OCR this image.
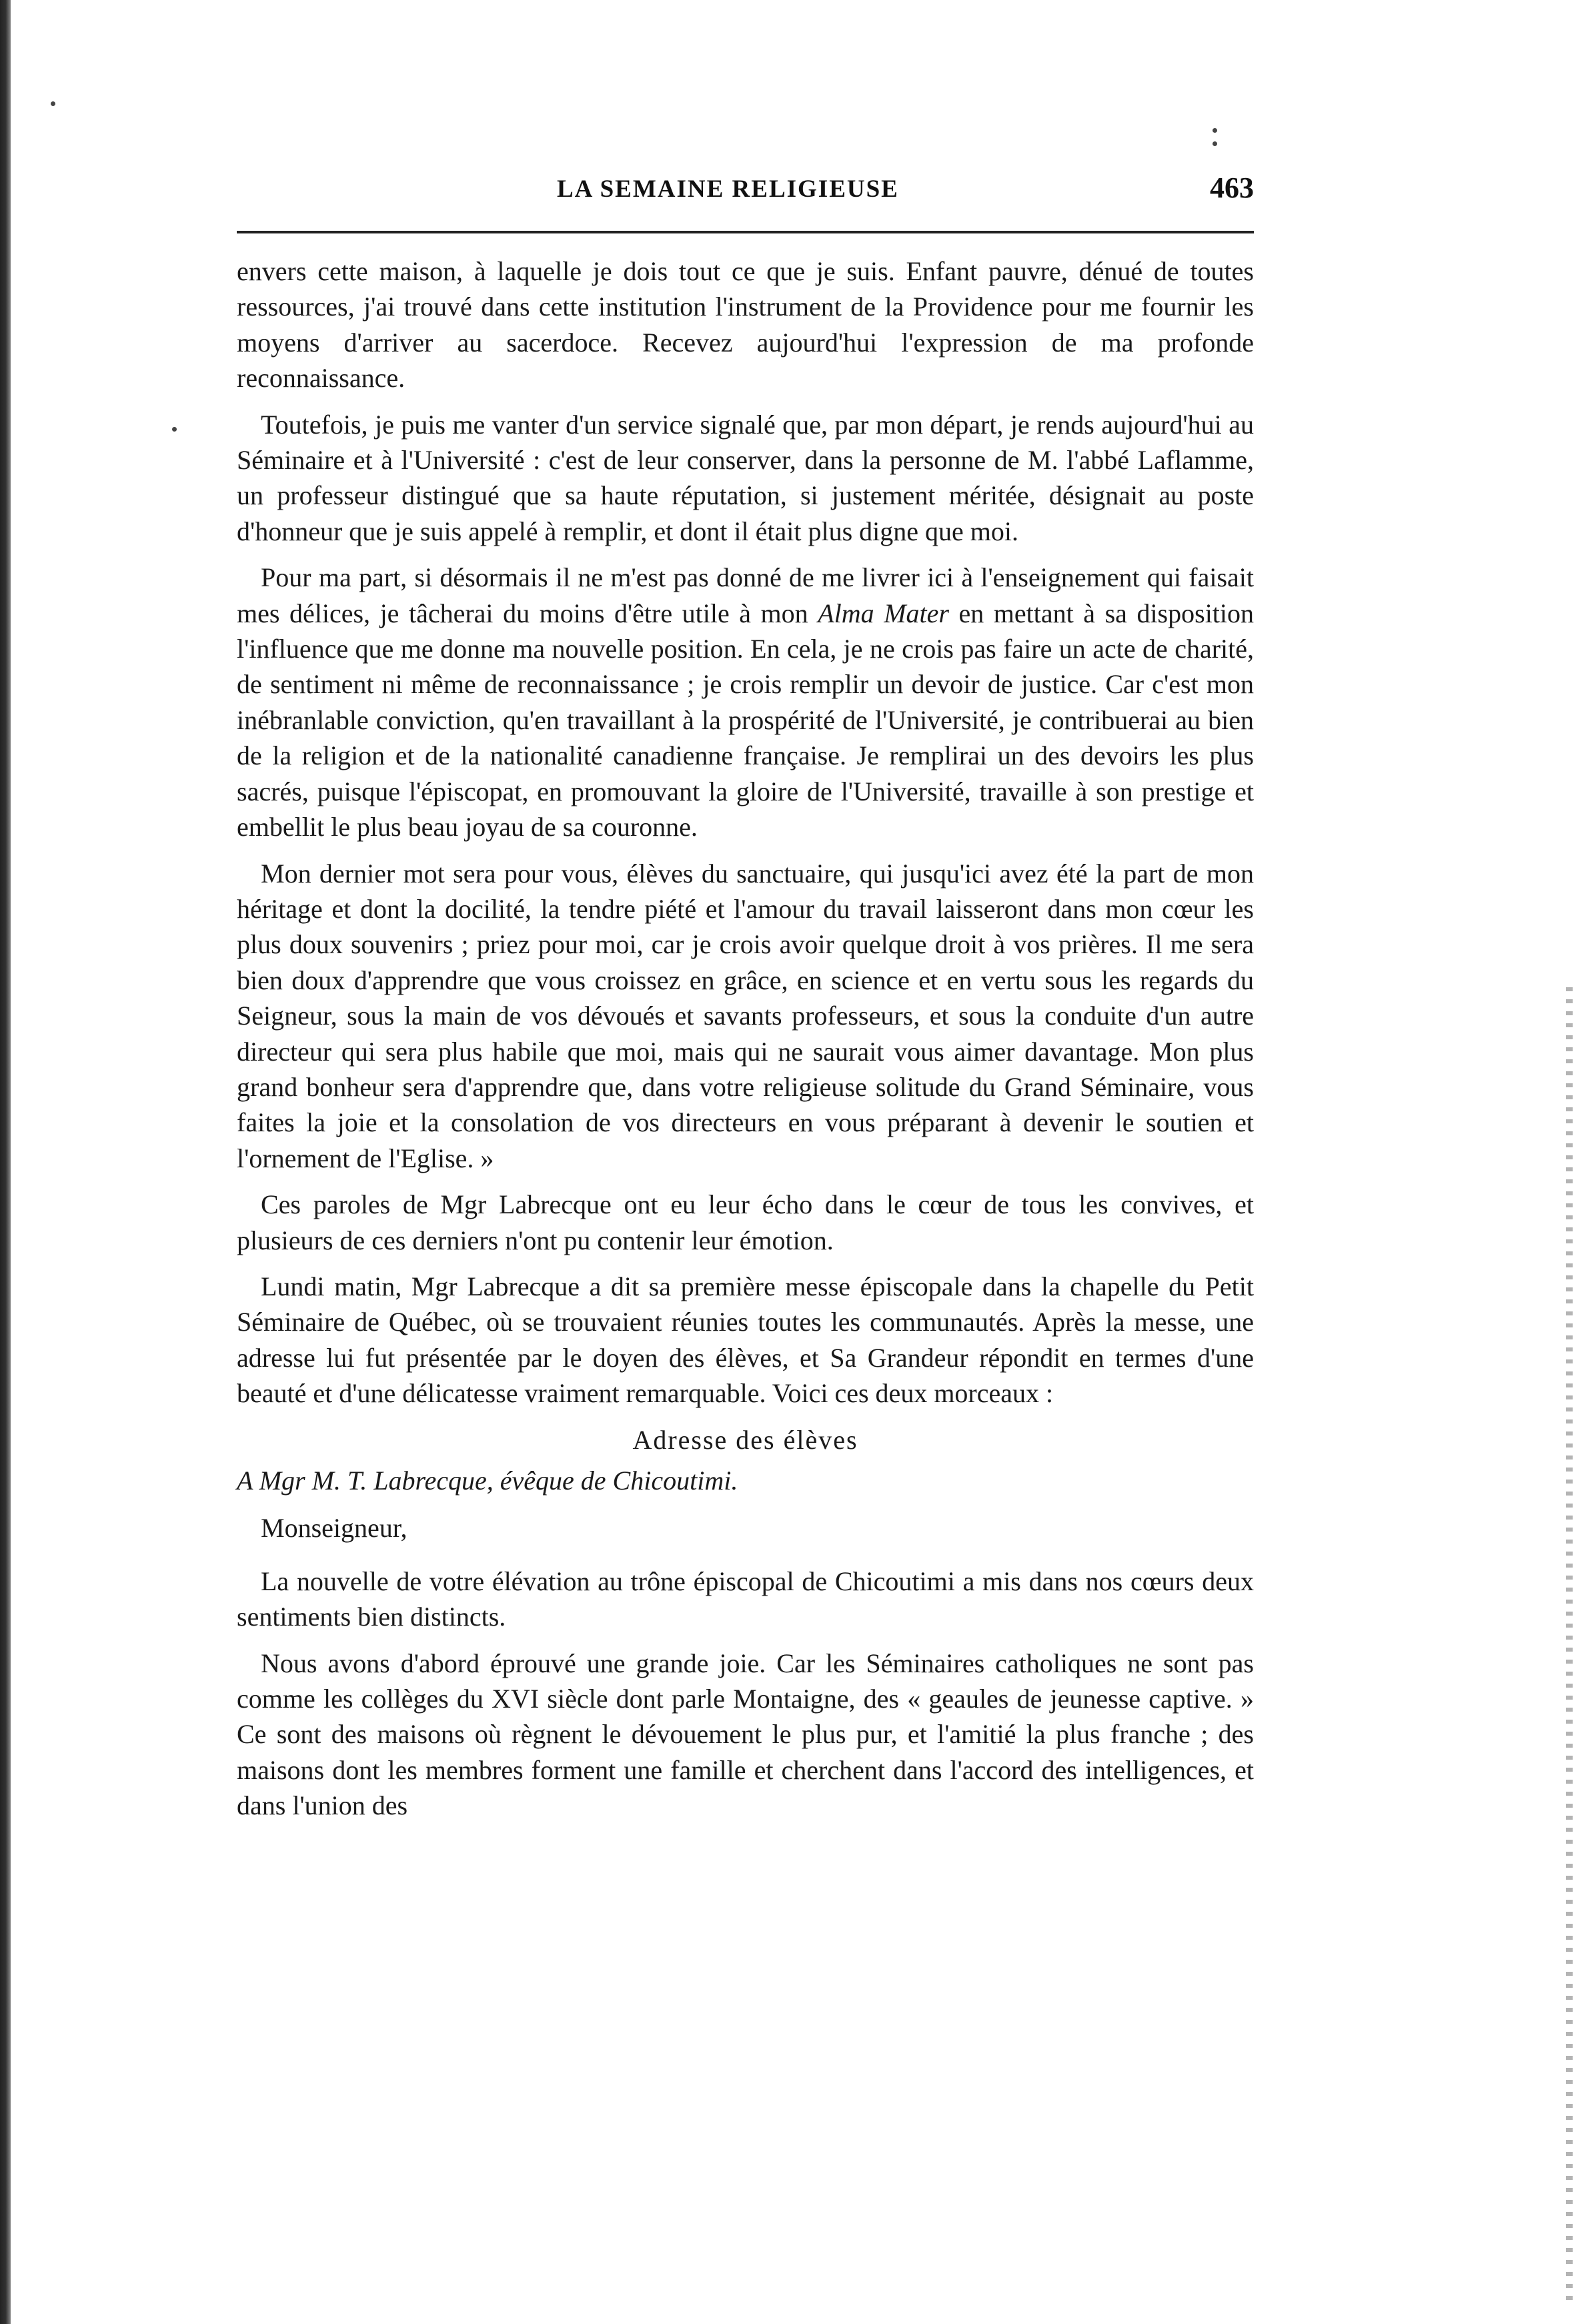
LA SEMAINE RELIGIEUSE	463

envers cette maison, à laquelle je dois tout ce que je suis. Enfant pauvre, dénué de toutes ressources, j'ai trouvé dans cette institution l'instrument de la Providence pour me fournir les moyens d'arriver au sacerdoce. Recevez aujourd'hui l'expression de ma profonde reconnaissance.

Toutefois, je puis me vanter d'un service signalé que, par mon départ, je rends aujourd'hui au Séminaire et à l'Université : c'est de leur conserver, dans la personne de M. l'abbé Laflamme, un professeur distingué que sa haute réputation, si justement méritée, désignait au poste d'honneur que je suis appelé à remplir, et dont il était plus digne que moi.

Pour ma part, si désormais il ne m'est pas donné de me livrer ici à l'enseignement qui faisait mes délices, je tâcherai du moins d'être utile à mon Alma Mater en mettant à sa disposition l'influence que me donne ma nouvelle position. En cela, je ne crois pas faire un acte de charité, de sentiment ni même de reconnaissance ; je crois remplir un devoir de justice. Car c'est mon inébranlable conviction, qu'en travaillant à la prospérité de l'Université, je contribuerai au bien de la religion et de la nationalité canadienne française. Je remplirai un des devoirs les plus sacrés, puisque l'épiscopat, en promouvant la gloire de l'Université, travaille à son prestige et embellit le plus beau joyau de sa couronne.

Mon dernier mot sera pour vous, élèves du sanctuaire, qui jusqu'ici avez été la part de mon héritage et dont la docilité, la tendre piété et l'amour du travail laisseront dans mon cœur les plus doux souvenirs ; priez pour moi, car je crois avoir quelque droit à vos prières. Il me sera bien doux d'apprendre que vous croissez en grâce, en science et en vertu sous les regards du Seigneur, sous la main de vos dévoués et savants professeurs, et sous la conduite d'un autre directeur qui sera plus habile que moi, mais qui ne saurait vous aimer davantage. Mon plus grand bonheur sera d'apprendre que, dans votre religieuse solitude du Grand Séminaire, vous faites la joie et la consolation de vos directeurs en vous préparant à devenir le soutien et l'ornement de l'Eglise. »

Ces paroles de Mgr Labrecque ont eu leur écho dans le cœur de tous les convives, et plusieurs de ces derniers n'ont pu contenir leur émotion.

Lundi matin, Mgr Labrecque a dit sa première messe épiscopale dans la chapelle du Petit Séminaire de Québec, où se trouvaient réunies toutes les communautés. Après la messe, une adresse lui fut présentée par le doyen des élèves, et Sa Grandeur répondit en termes d'une beauté et d'une délicatesse vraiment remarquable. Voici ces deux morceaux :

Adresse des élèves

A Mgr M. T. Labrecque, évêque de Chicoutimi.

Monseigneur,

La nouvelle de votre élévation au trône épiscopal de Chicoutimi a mis dans nos cœurs deux sentiments bien distincts.

Nous avons d'abord éprouvé une grande joie. Car les Séminaires catholiques ne sont pas comme les collèges du XVI siècle dont parle Montaigne, des « geaules de jeunesse captive. » Ce sont des maisons où règnent le dévouement le plus pur, et l'amitié la plus franche ; des maisons dont les membres forment une famille et cherchent dans l'accord des intelligences, et dans l'union des
